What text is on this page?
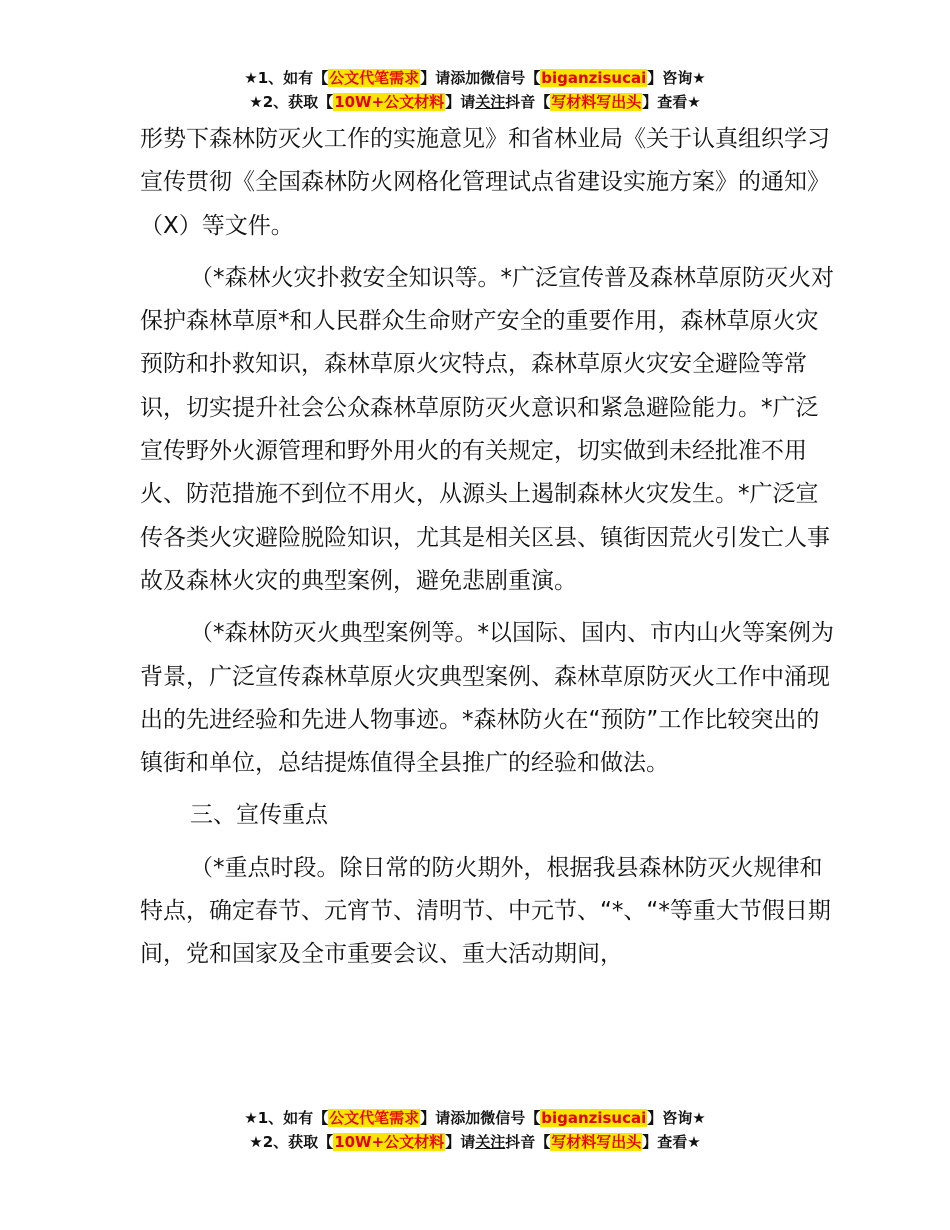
★1、如有【公文代笔需求】请添加微信号【biganzisucai】咨询★
★2、获取【10W+公文材料】请关注抖音【写材料写出头】查看★

形势下森林防灭火工作的实施意见》和省林业局《关于认真组织学习宣传贯彻《全国森林防火网格化管理试点省建设实施方案》的通知》（X）等文件。

（*森林火灾扑救安全知识等。*广泛宣传普及森林草原防灭火对保护森林草原*和人民群众生命财产安全的重要作用，森林草原火灾预防和扑救知识，森林草原火灾特点，森林草原火灾安全避险等常识，切实提升社会公众森林草原防灭火意识和紧急避险能力。*广泛宣传野外火源管理和野外用火的有关规定，切实做到未经批准不用火、防范措施不到位不用火，从源头上遏制森林火灾发生。*广泛宣传各类火灾避险脱险知识，尤其是相关区县、镇街因荒火引发亡人事故及森林火灾的典型案例，避免悲剧重演。

（*森林防灭火典型案例等。*以国际、国内、市内山火等案例为背景，广泛宣传森林草原火灾典型案例、森林草原防灭火工作中涌现出的先进经验和先进人物事迹。*森林防火在“预防”工作比较突出的镇街和单位，总结提炼值得全县推广的经验和做法。

三、宣传重点

（*重点时段。除日常的防火期外，根据我县森林防灭火规律和特点，确定春节、元宵节、清明节、中元节、“*、“*等重大节假日期间，党和国家及全市重要会议、重大活动期间，

★1、如有【公文代笔需求】请添加微信号【biganzisucai】咨询★
★2、获取【10W+公文材料】请关注抖音【写材料写出头】查看★
